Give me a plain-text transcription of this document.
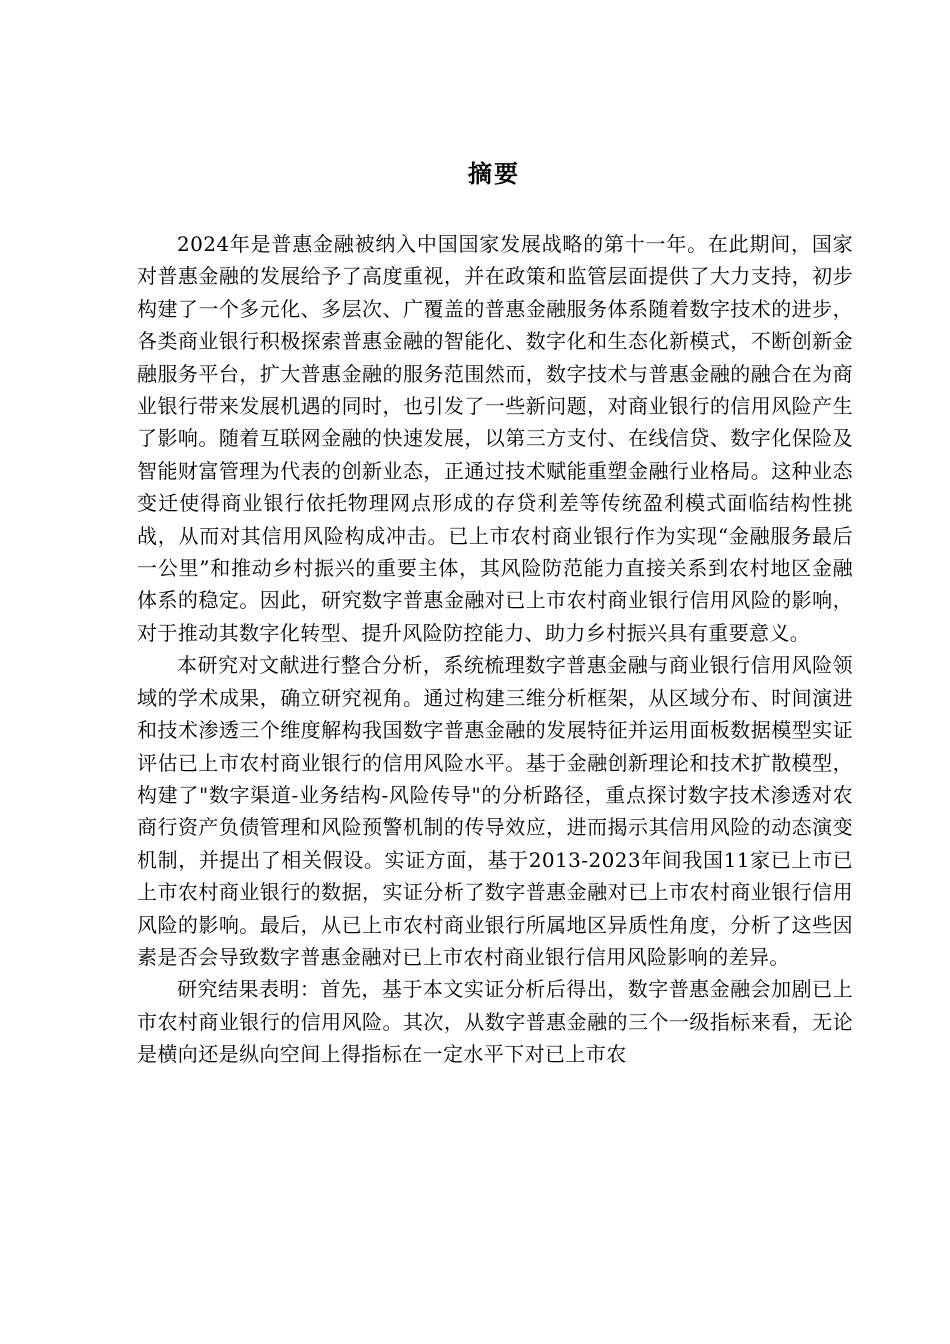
摘要

2024年是普惠金融被纳入中国国家发展战略的第十一年。在此期间，国家对普惠金融的发展给予了高度重视，并在政策和监管层面提供了大力支持，初步构建了一个多元化、多层次、广覆盖的普惠金融服务体系随着数字技术的进步，各类商业银行积极探索普惠金融的智能化、数字化和生态化新模式，不断创新金融服务平台，扩大普惠金融的服务范围然而，数字技术与普惠金融的融合在为商业银行带来发展机遇的同时，也引发了一些新问题，对商业银行的信用风险产生了影响。随着互联网金融的快速发展，以第三方支付、在线信贷、数字化保险及智能财富管理为代表的创新业态，正通过技术赋能重塑金融行业格局。这种业态变迁使得商业银行依托物理网点形成的存贷利差等传统盈利模式面临结构性挑战，从而对其信用风险构成冲击。已上市农村商业银行作为实现“金融服务最后一公里”和推动乡村振兴的重要主体，其风险防范能力直接关系到农村地区金融体系的稳定。因此，研究数字普惠金融对已上市农村商业银行信用风险的影响，对于推动其数字化转型、提升风险防控能力、助力乡村振兴具有重要意义。

本研究对文献进行整合分析，系统梳理数字普惠金融与商业银行信用风险领域的学术成果，确立研究视角。通过构建三维分析框架，从区域分布、时间演进和技术渗透三个维度解构我国数字普惠金融的发展特征并运用面板数据模型实证评估已上市农村商业银行的信用风险水平。基于金融创新理论和技术扩散模型，构建了"数字渠道-业务结构-风险传导"的分析路径，重点探讨数字技术渗透对农商行资产负债管理和风险预警机制的传导效应，进而揭示其信用风险的动态演变机制，并提出了相关假设。实证方面，基于2013-2023年间我国11家已上市已上市农村商业银行的数据，实证分析了数字普惠金融对已上市农村商业银行信用风险的影响。最后，从已上市农村商业银行所属地区异质性角度，分析了这些因素是否会导致数字普惠金融对已上市农村商业银行信用风险影响的差异。

研究结果表明：首先，基于本文实证分析后得出，数字普惠金融会加剧已上市农村商业银行的信用风险。其次，从数字普惠金融的三个一级指标来看，无论是横向还是纵向空间上得指标在一定水平下对已上市农
